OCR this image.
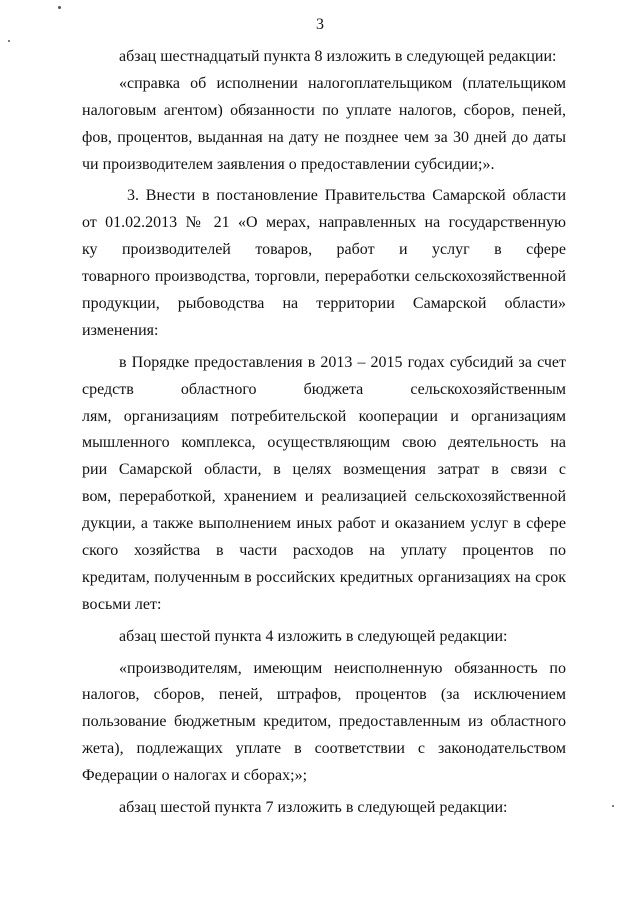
3
абзац шестнадцатый пункта 8 изложить в следующей редакции:
«справка об исполнении налогоплательщиком (плательщиком
налоговым агентом) обязанности по уплате налогов, сборов, пеней,
фов, процентов, выданная на дату не позднее чем за 30 дней до даты
чи производителем заявления о предоставлении субсидии;».
3. Внести в постановление Правительства Самарской области
от 01.02.2013 № 21 «О мерах, направленных на государственную
ку производителей товаров, работ и услуг в сфере
товарного производства, торговли, переработки сельскохозяйственной
продукции, рыбоводства на территории Самарской области»
изменения:
в Порядке предоставления в 2013 – 2015 годах субсидий за счет
средств областного бюджета сельскохозяйственным
лям, организациям потребительской кооперации и организациям
мышленного комплекса, осуществляющим свою деятельность на
рии Самарской области, в целях возмещения затрат в связи с
вом, переработкой, хранением и реализацией сельскохозяйственной
дукции, а также выполнением иных работ и оказанием услуг в сфере
ского хозяйства в части расходов на уплату процентов по
кредитам, полученным в российских кредитных организациях на срок
восьми лет:
абзац шестой пункта 4 изложить в следующей редакции:
«производителям, имеющим неисполненную обязанность по
налогов, сборов, пеней, штрафов, процентов (за исключением
пользование бюджетным кредитом, предоставленным из областного
жета), подлежащих уплате в соответствии с законодательством
Федерации о налогах и сборах;»;
абзац шестой пункта 7 изложить в следующей редакции:
